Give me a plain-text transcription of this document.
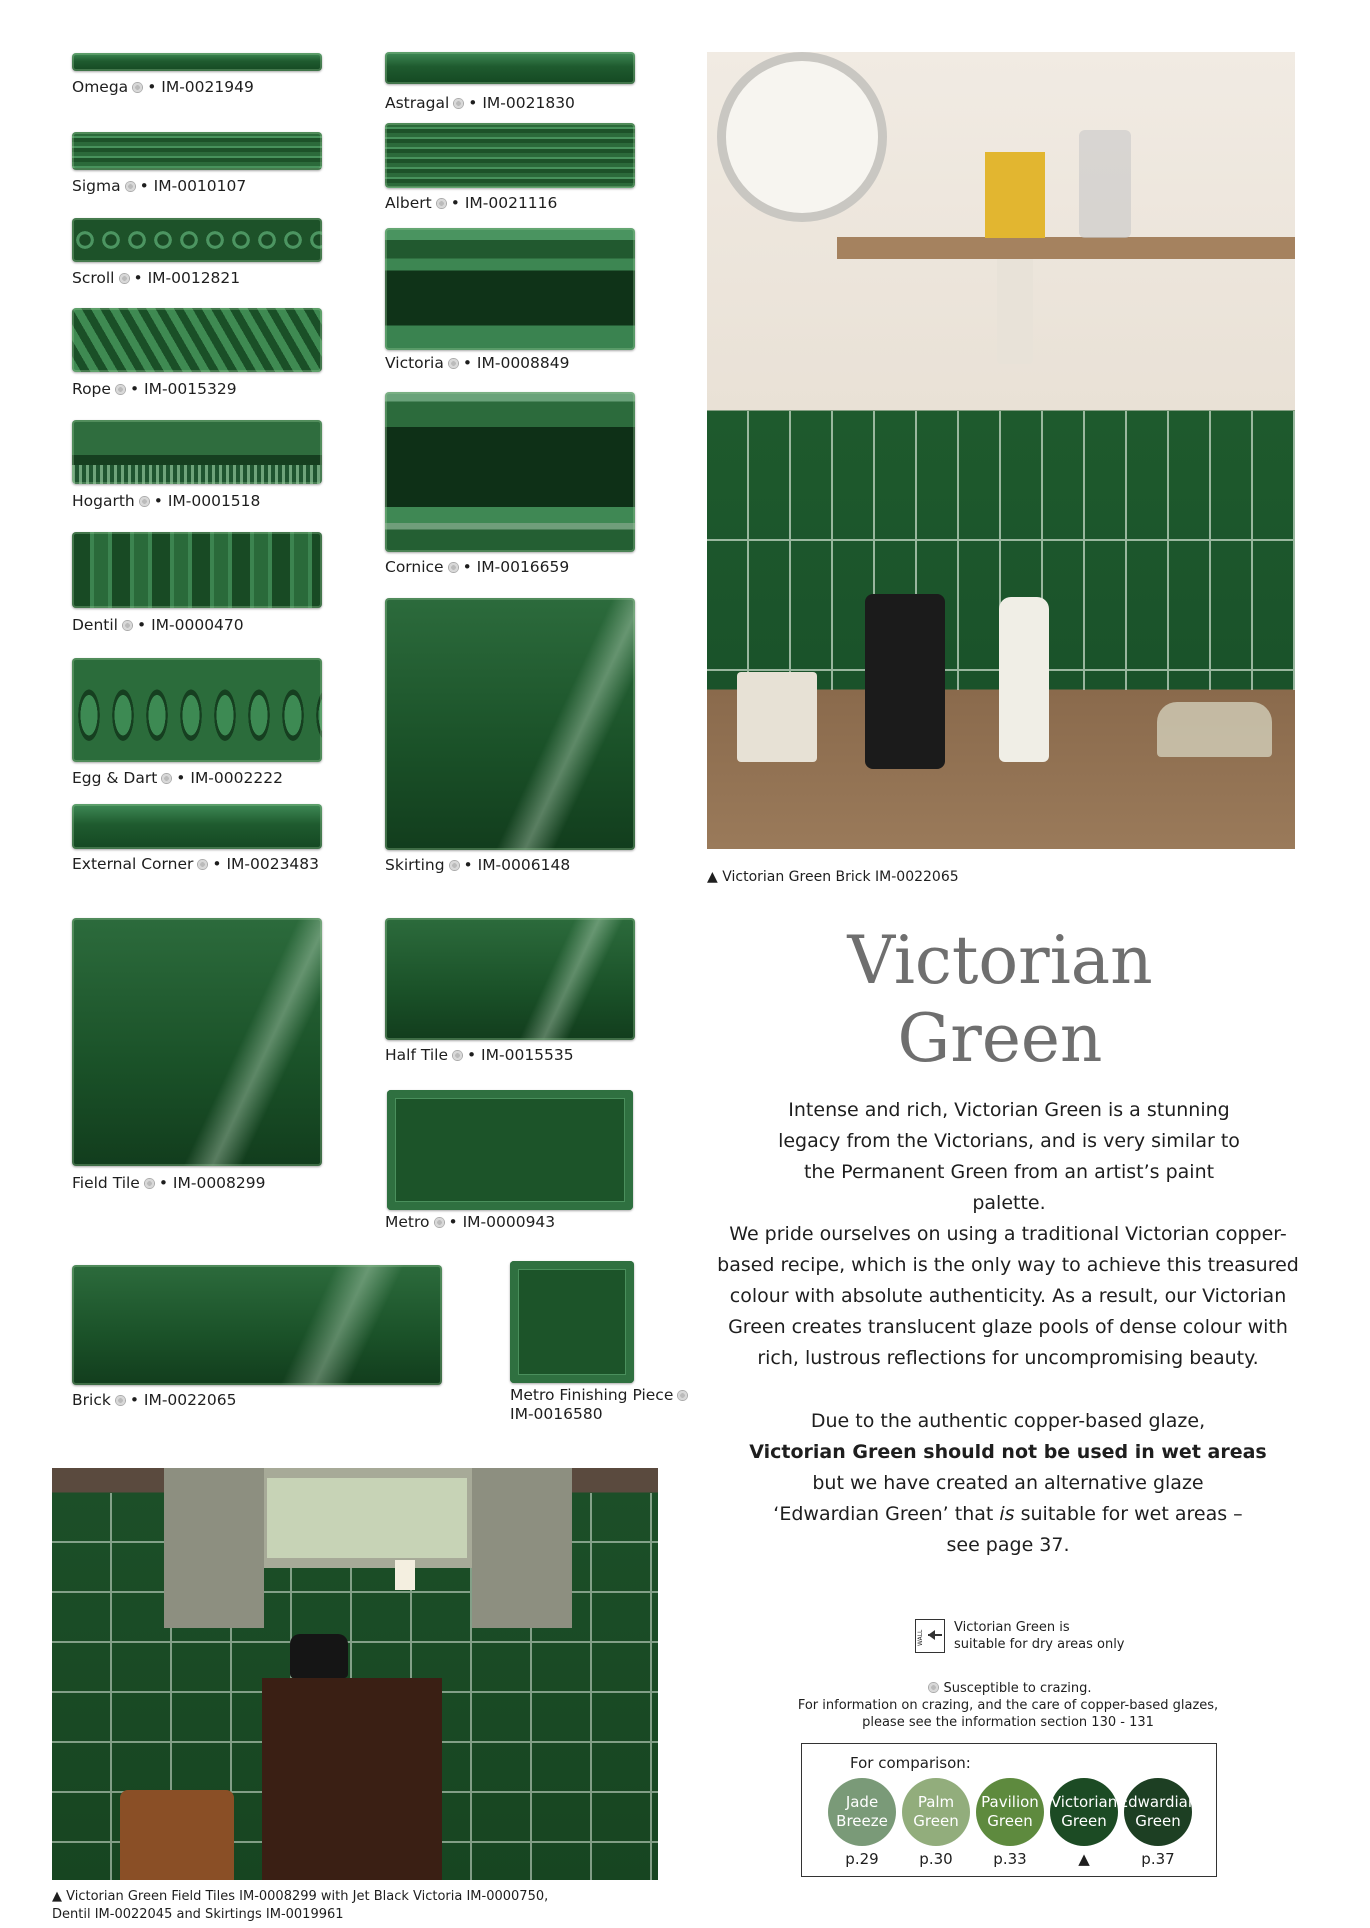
Omega • IM-0021949
Sigma • IM-0010107
Scroll • IM-0012821
Rope • IM-0015329
Hogarth • IM-0001518
Dentil • IM-0000470
Egg & Dart • IM-0002222
External Corner • IM-0023483
Astragal • IM-0021830
Albert • IM-0021116
Victoria • IM-0008849
Cornice • IM-0016659
Skirting • IM-0006148
Field Tile • IM-0008299
Half Tile • IM-0015535
Metro • IM-0000943
Brick • IM-0022065	Metro Finishing Piece
IM-0016580
▲ Victorian Green Brick IM-0022065
▲ Victorian Green Field Tiles IM-0008299 with Jet Black Victoria IM-0000750,
Dentil IM-0022045 and Skirtings IM-0019961
Victorian
Green
Intense and rich, Victorian Green is a stunning legacy from the Victorians, and is very similar to the Permanent Green from an artist’s paint palette.
We pride ourselves on using a traditional Victorian copper-based recipe, which is the only way to achieve this treasured colour with absolute authenticity. As a result, our Victorian Green creates translucent glaze pools of dense colour with rich, lustrous reflections for uncompromising beauty.
Due to the authentic copper-based glaze,
Victorian Green should not be used in wet areas
but we have created an alternative glaze
‘Edwardian Green’ that is suitable for wet areas –
see page 37.
WALL
Victorian Green is
suitable for dry areas only
Susceptible to crazing.
For information on crazing, and the care of copper-based glazes,
please see the information section 130 - 131
For comparison:
Jade
Breeze
p.29
Palm
Green
p.30
Pavilion
Green
p.33
Victorian
Green
▲
Edwardian
Green
p.37
